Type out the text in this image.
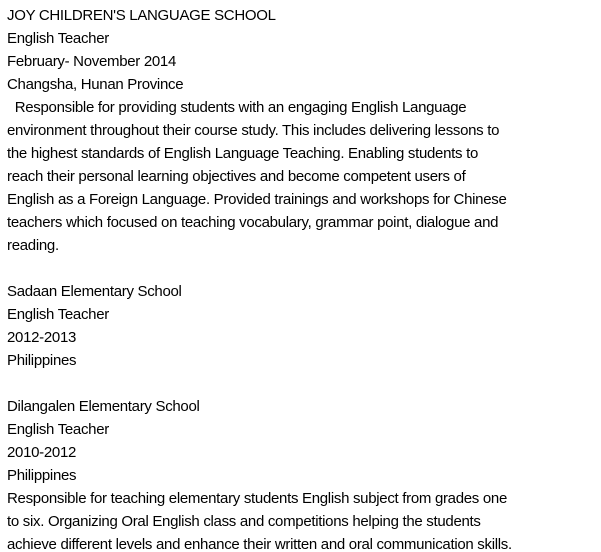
JOY CHILDREN'S LANGUAGE SCHOOL
English Teacher
February- November 2014
Changsha, Hunan Province
Responsible for providing students with an engaging English Language
environment throughout their course study. This includes delivering lessons to
the highest standards of English Language Teaching. Enabling students to
reach their personal learning objectives and become competent users of
English as a Foreign Language. Provided trainings and workshops for Chinese
teachers which focused on teaching vocabulary, grammar point, dialogue and
reading.
Sadaan Elementary School
English Teacher
2012-2013
Philippines
Dilangalen Elementary School
English Teacher
2010-2012
Philippines
Responsible for teaching elementary students English subject from grades one
to six. Organizing Oral English class and competitions helping the students
achieve different levels and enhance their written and oral communication skills.
